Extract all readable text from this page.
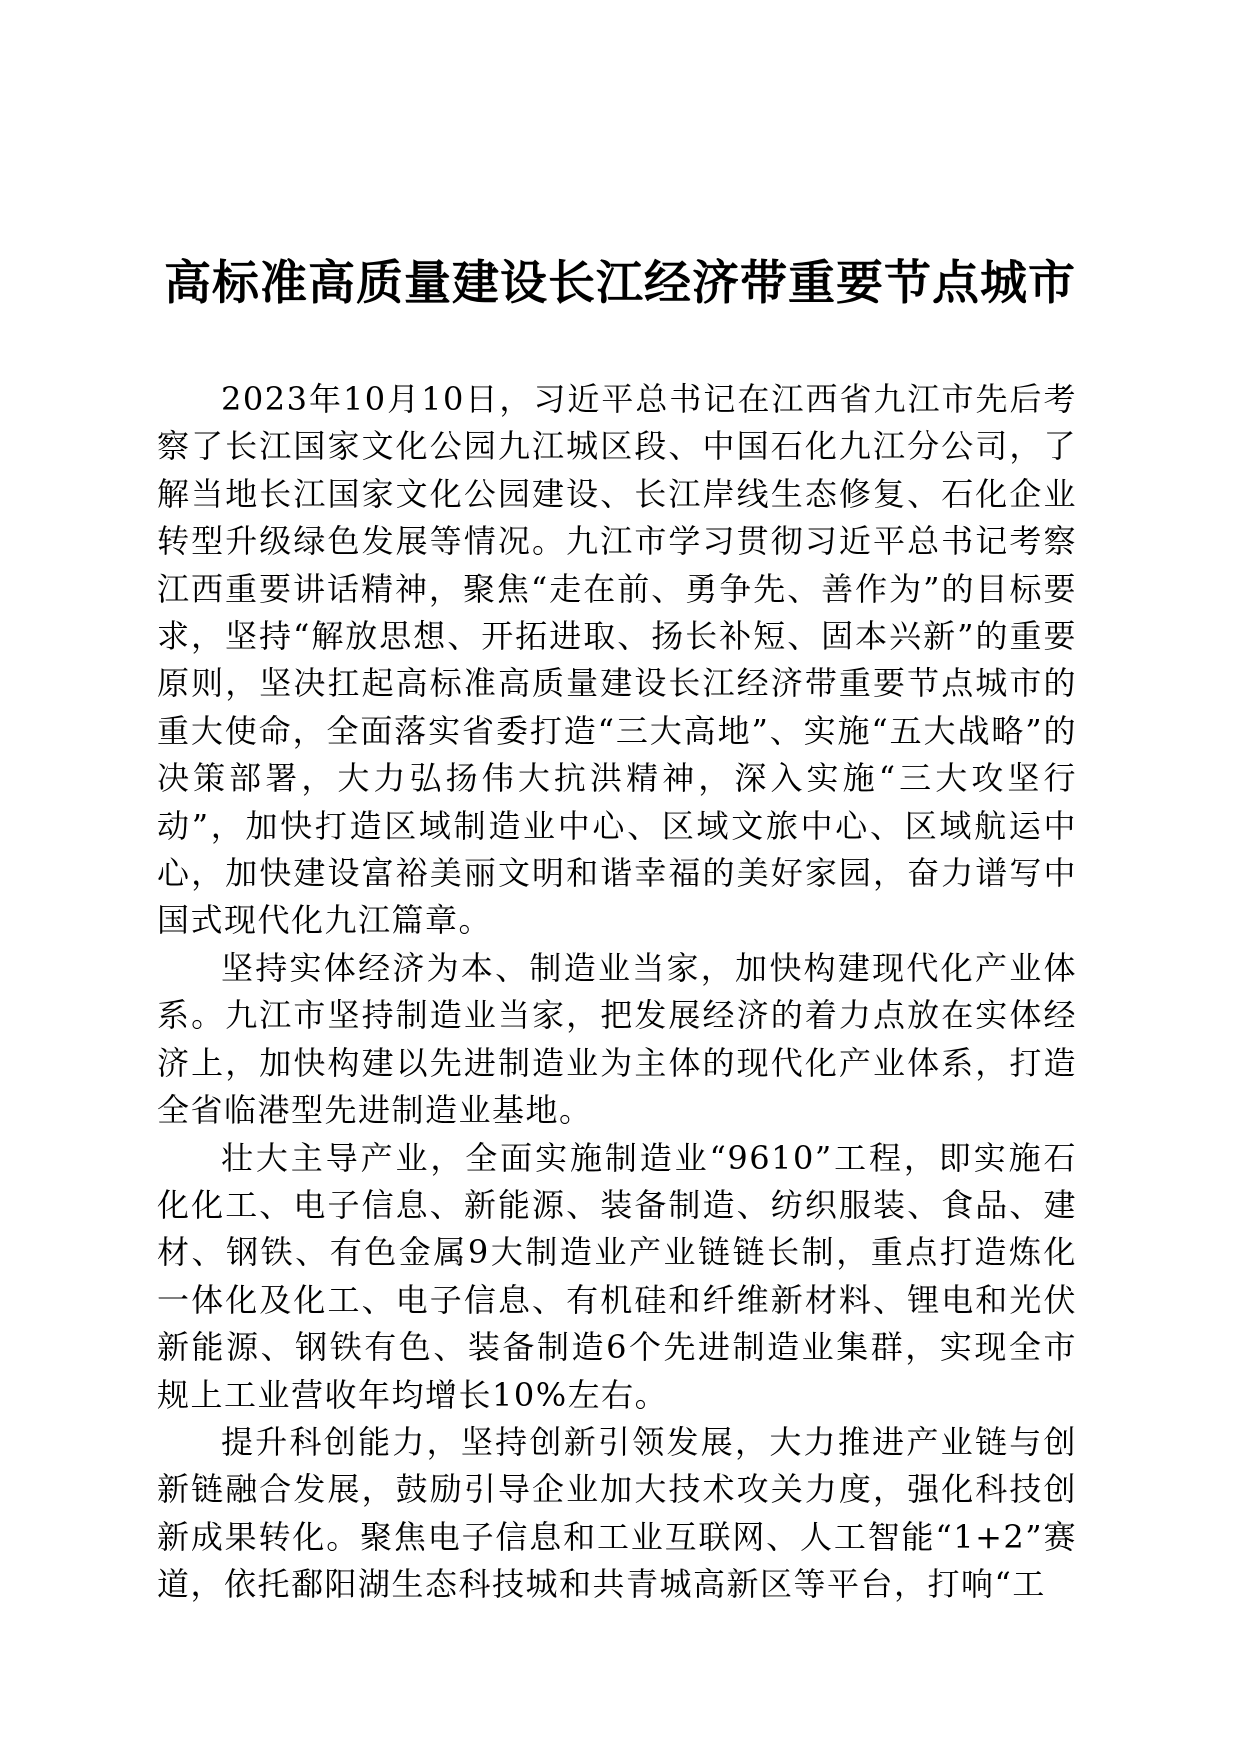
高标准高质量建设长江经济带重要节点城市

2023年10月10日，习近平总书记在江西省九江市先后考察了长江国家文化公园九江城区段、中国石化九江分公司，了解当地长江国家文化公园建设、长江岸线生态修复、石化企业转型升级绿色发展等情况。九江市学习贯彻习近平总书记考察江西重要讲话精神，聚焦“走在前、勇争先、善作为”的目标要求，坚持“解放思想、开拓进取、扬长补短、固本兴新”的重要原则，坚决扛起高标准高质量建设长江经济带重要节点城市的重大使命，全面落实省委打造“三大高地”、实施“五大战略”的决策部署，大力弘扬伟大抗洪精神，深入实施“三大攻坚行动”，加快打造区域制造业中心、区域文旅中心、区域航运中心，加快建设富裕美丽文明和谐幸福的美好家园，奋力谱写中国式现代化九江篇章。

坚持实体经济为本、制造业当家，加快构建现代化产业体系。九江市坚持制造业当家，把发展经济的着力点放在实体经济上，加快构建以先进制造业为主体的现代化产业体系，打造全省临港型先进制造业基地。

壮大主导产业，全面实施制造业“9610”工程，即实施石化化工、电子信息、新能源、装备制造、纺织服装、食品、建材、钢铁、有色金属9大制造业产业链链长制，重点打造炼化一体化及化工、电子信息、有机硅和纤维新材料、锂电和光伏新能源、钢铁有色、装备制造6个先进制造业集群，实现全市规上工业营收年均增长10%左右。

提升科创能力，坚持创新引领发展，大力推进产业链与创新链融合发展，鼓励引导企业加大技术攻关力度，强化科技创新成果转化。聚焦电子信息和工业互联网、人工智能“1+2”赛道，依托鄱阳湖生态科技城和共青城高新区等平台，打响“工
